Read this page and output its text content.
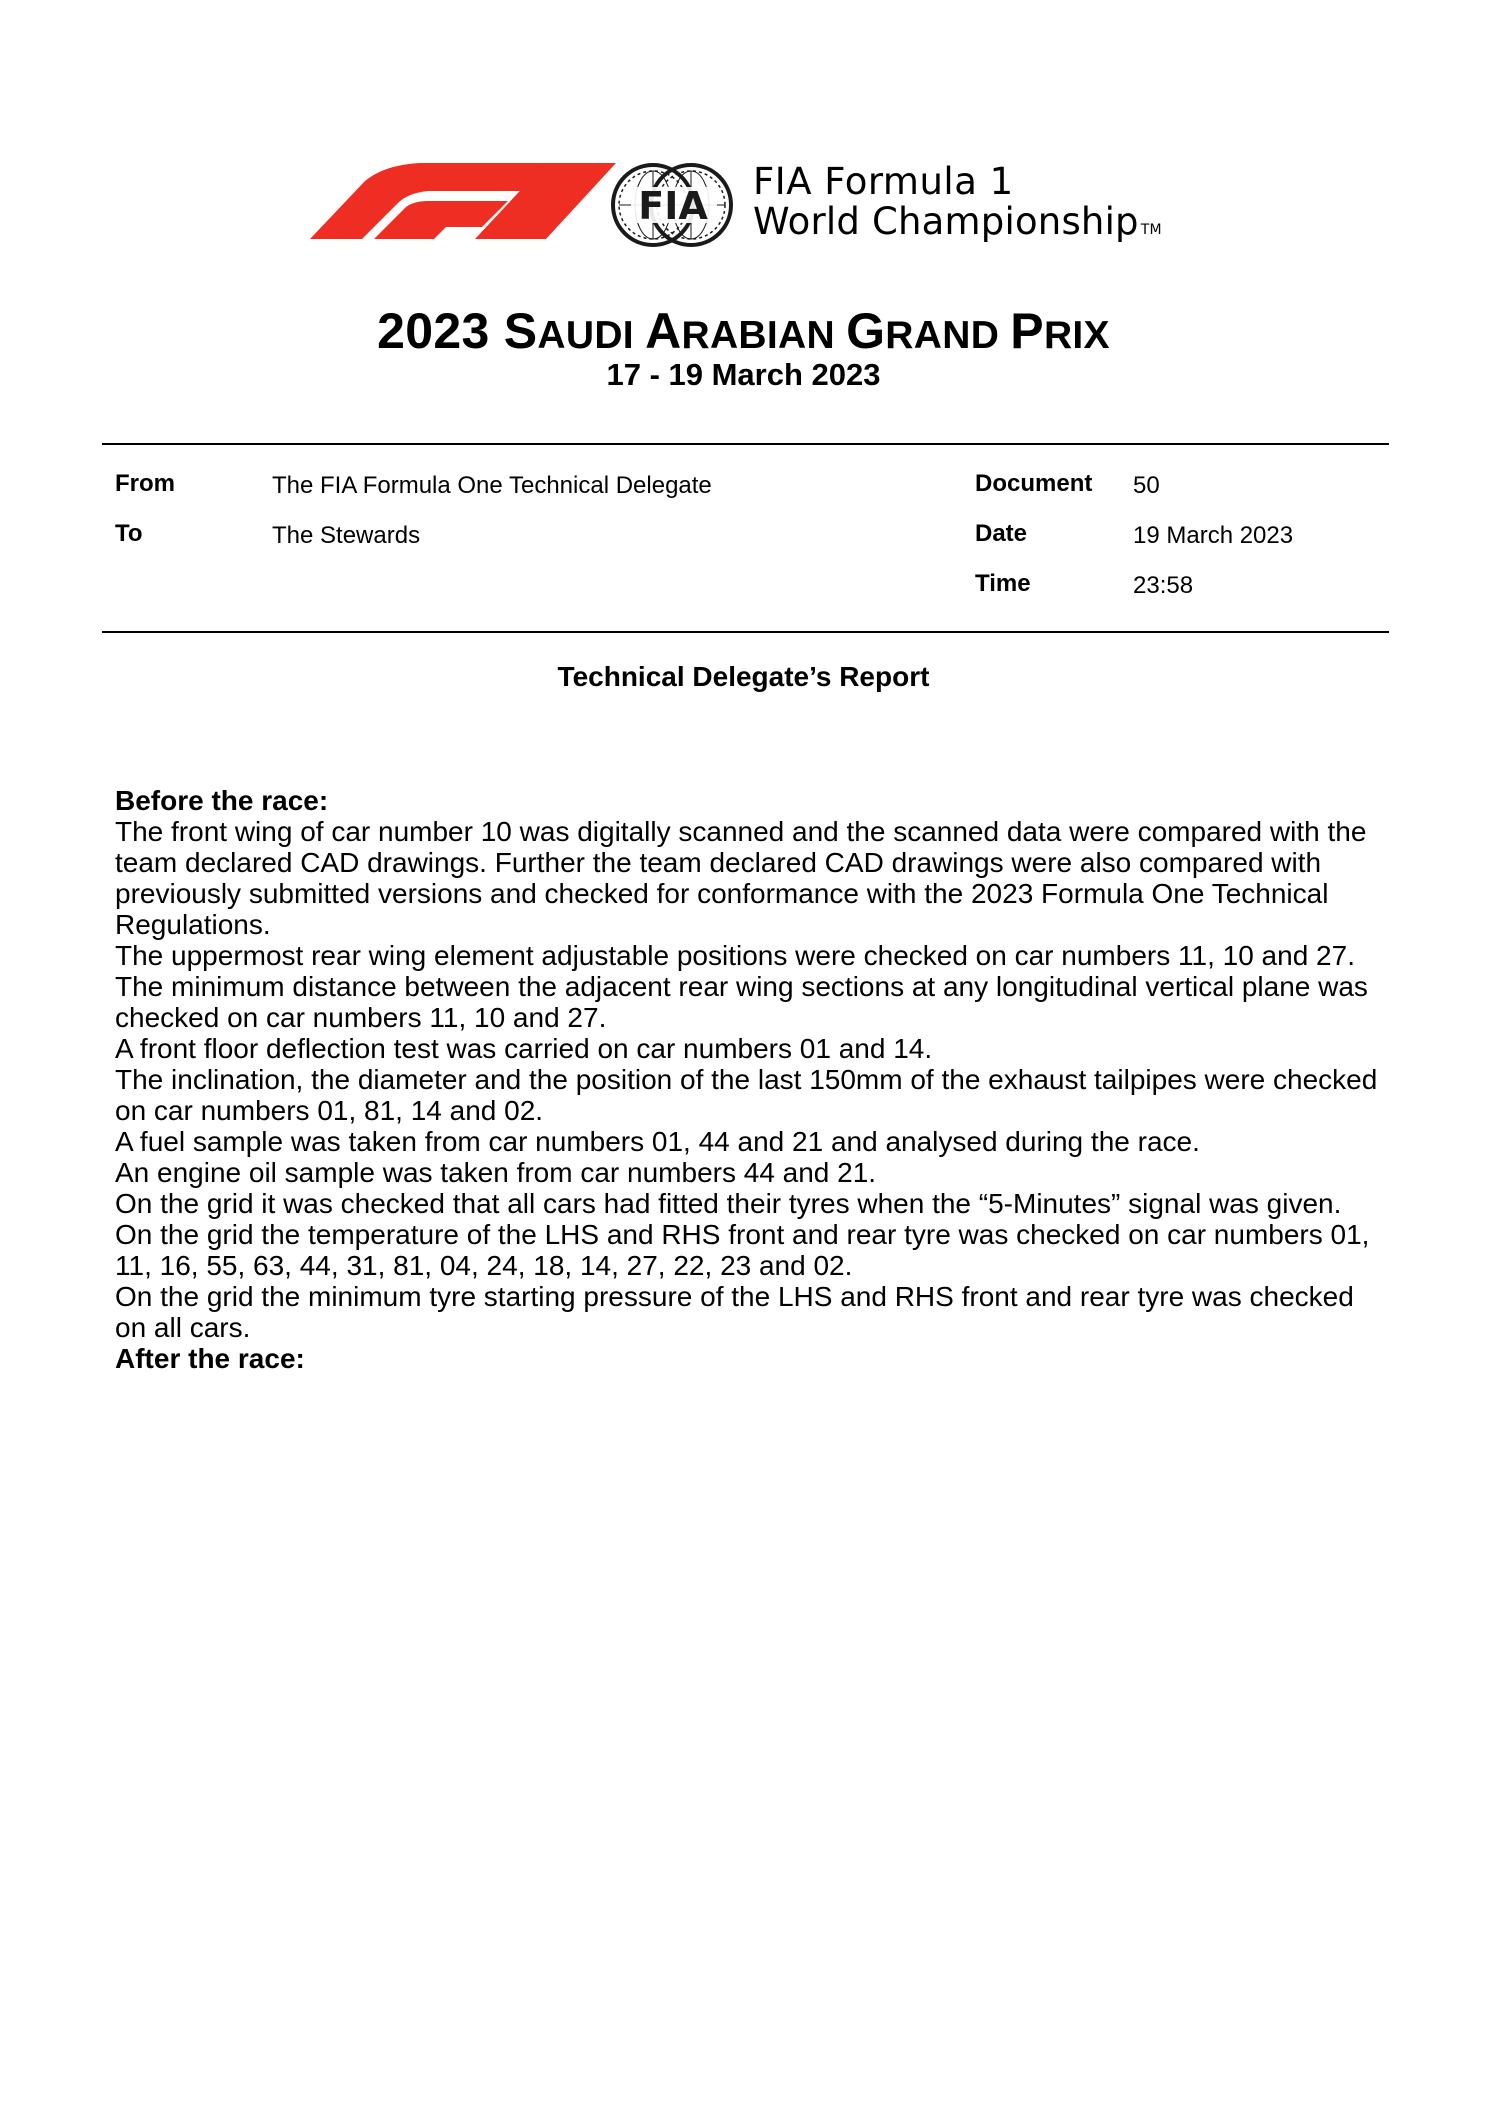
FIA
FIA Formula 1
World Championship TM
2023 SAUDI ARABIAN GRAND PRIX
17 - 19 March 2023
From	The FIA Formula One Technical Delegate
To	The Stewards
Document 50
Date	19 March 2023
Time	23:58
Technical Delegate’s Report
Before the race:

The front wing of car number 10 was digitally scanned and the scanned data were compared with the team declared CAD drawings. Further the team declared CAD drawings were also compared with previously submitted versions and checked for conformance with the 2023 Formula One Technical Regulations.

The uppermost rear wing element adjustable positions were checked on car numbers 11, 10 and 27.

The minimum distance between the adjacent rear wing sections at any longitudinal vertical plane was checked on car numbers 11, 10 and 27.

A front floor deflection test was carried on car numbers 01 and 14.

The inclination, the diameter and the position of the last 150mm of the exhaust tailpipes were checked on car numbers 01, 81, 14 and 02.

A fuel sample was taken from car numbers 01, 44 and 21 and analysed during the race.

An engine oil sample was taken from car numbers 44 and 21.

On the grid it was checked that all cars had fitted their tyres when the “5-Minutes” signal was given.

On the grid the temperature of the LHS and RHS front and rear tyre was checked on car numbers 01, 11, 16, 55, 63, 44, 31, 81, 04, 24, 18, 14, 27, 22, 23 and 02.

On the grid the minimum tyre starting pressure of the LHS and RHS front and rear tyre was checked on all cars.

After the race:
